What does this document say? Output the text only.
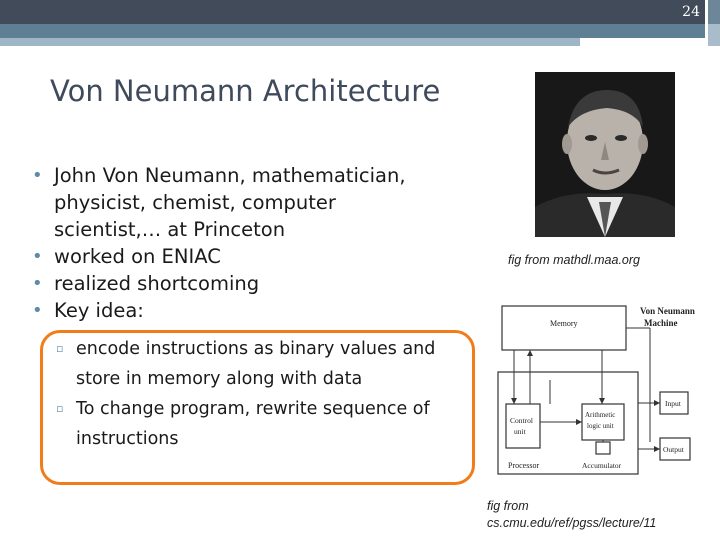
24
Von Neumann Architecture
• John Von Neumann, mathematician,
physicist, chemist, computer
scientist,… at Princeton
• worked on ENIAC
• realized shortcoming
• Key idea:
▫ encode instructions as binary values and
store in memory along with data
▫ To change program, rewrite sequence of
instructions
fig from mathdl.maa.org
Memory
Von Neumann
Machine
Control
unit
Arithmetic
logic unit
Processor	Accumulator
Input
Output
fig from
cs.cmu.edu/ref/pgss/lecture/11
